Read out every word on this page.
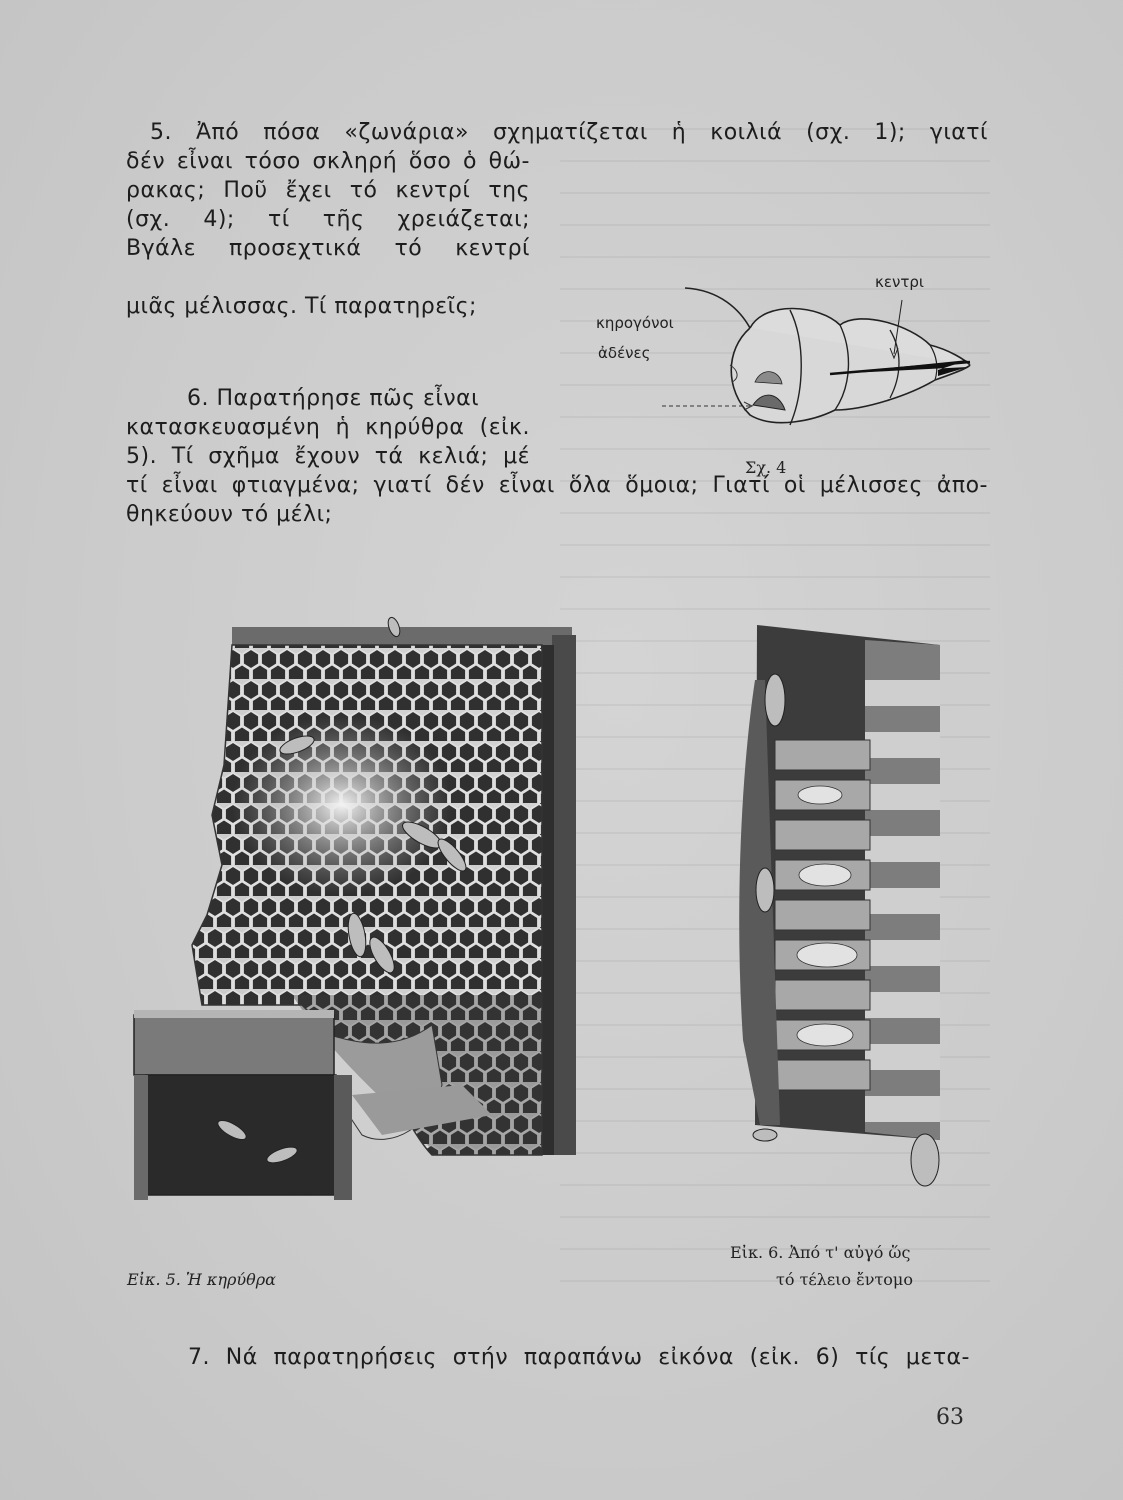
5. Ἀπό πόσα «ζωνάρια» σχηματίζεται ἡ κοιλιά (σχ. 1); γιατί
δέν εἶναι τόσο σκληρή ὅσο ὁ θώ-
ρακας; Ποῦ ἔχει τό κεντρί της
(σχ. 4); τί τῆς χρειάζεται;
Βγάλε προσεχτικά τό κεντρί
μιᾶς μέλισσας. Τί παρατηρεῖς;
6. Παρατήρησε πῶς εἶναι
κατασκευασμένη ἡ κηρύθρα (εἰκ.
5). Τί σχῆμα ἔχουν τά κελιά; μέ
τί εἶναι φτιαγμένα; γιατί δέν εἶναι ὅλα ὅμοια; Γιατί οἱ μέλισσες ἀπο-
θηκεύουν τό μέλι;
κεντρι
κηρογόνοι
ἀδένες
Σχ. 4
Εἰκ. 5. Ἡ κηρύθρα
Εἰκ. 6. Ἀπό τ' αὐγό ὥς
τό τέλειο ἔντομο
7. Νά παρατηρήσεις στήν παραπάνω εἰκόνα (εἰκ. 6) τίς μετα-
63
